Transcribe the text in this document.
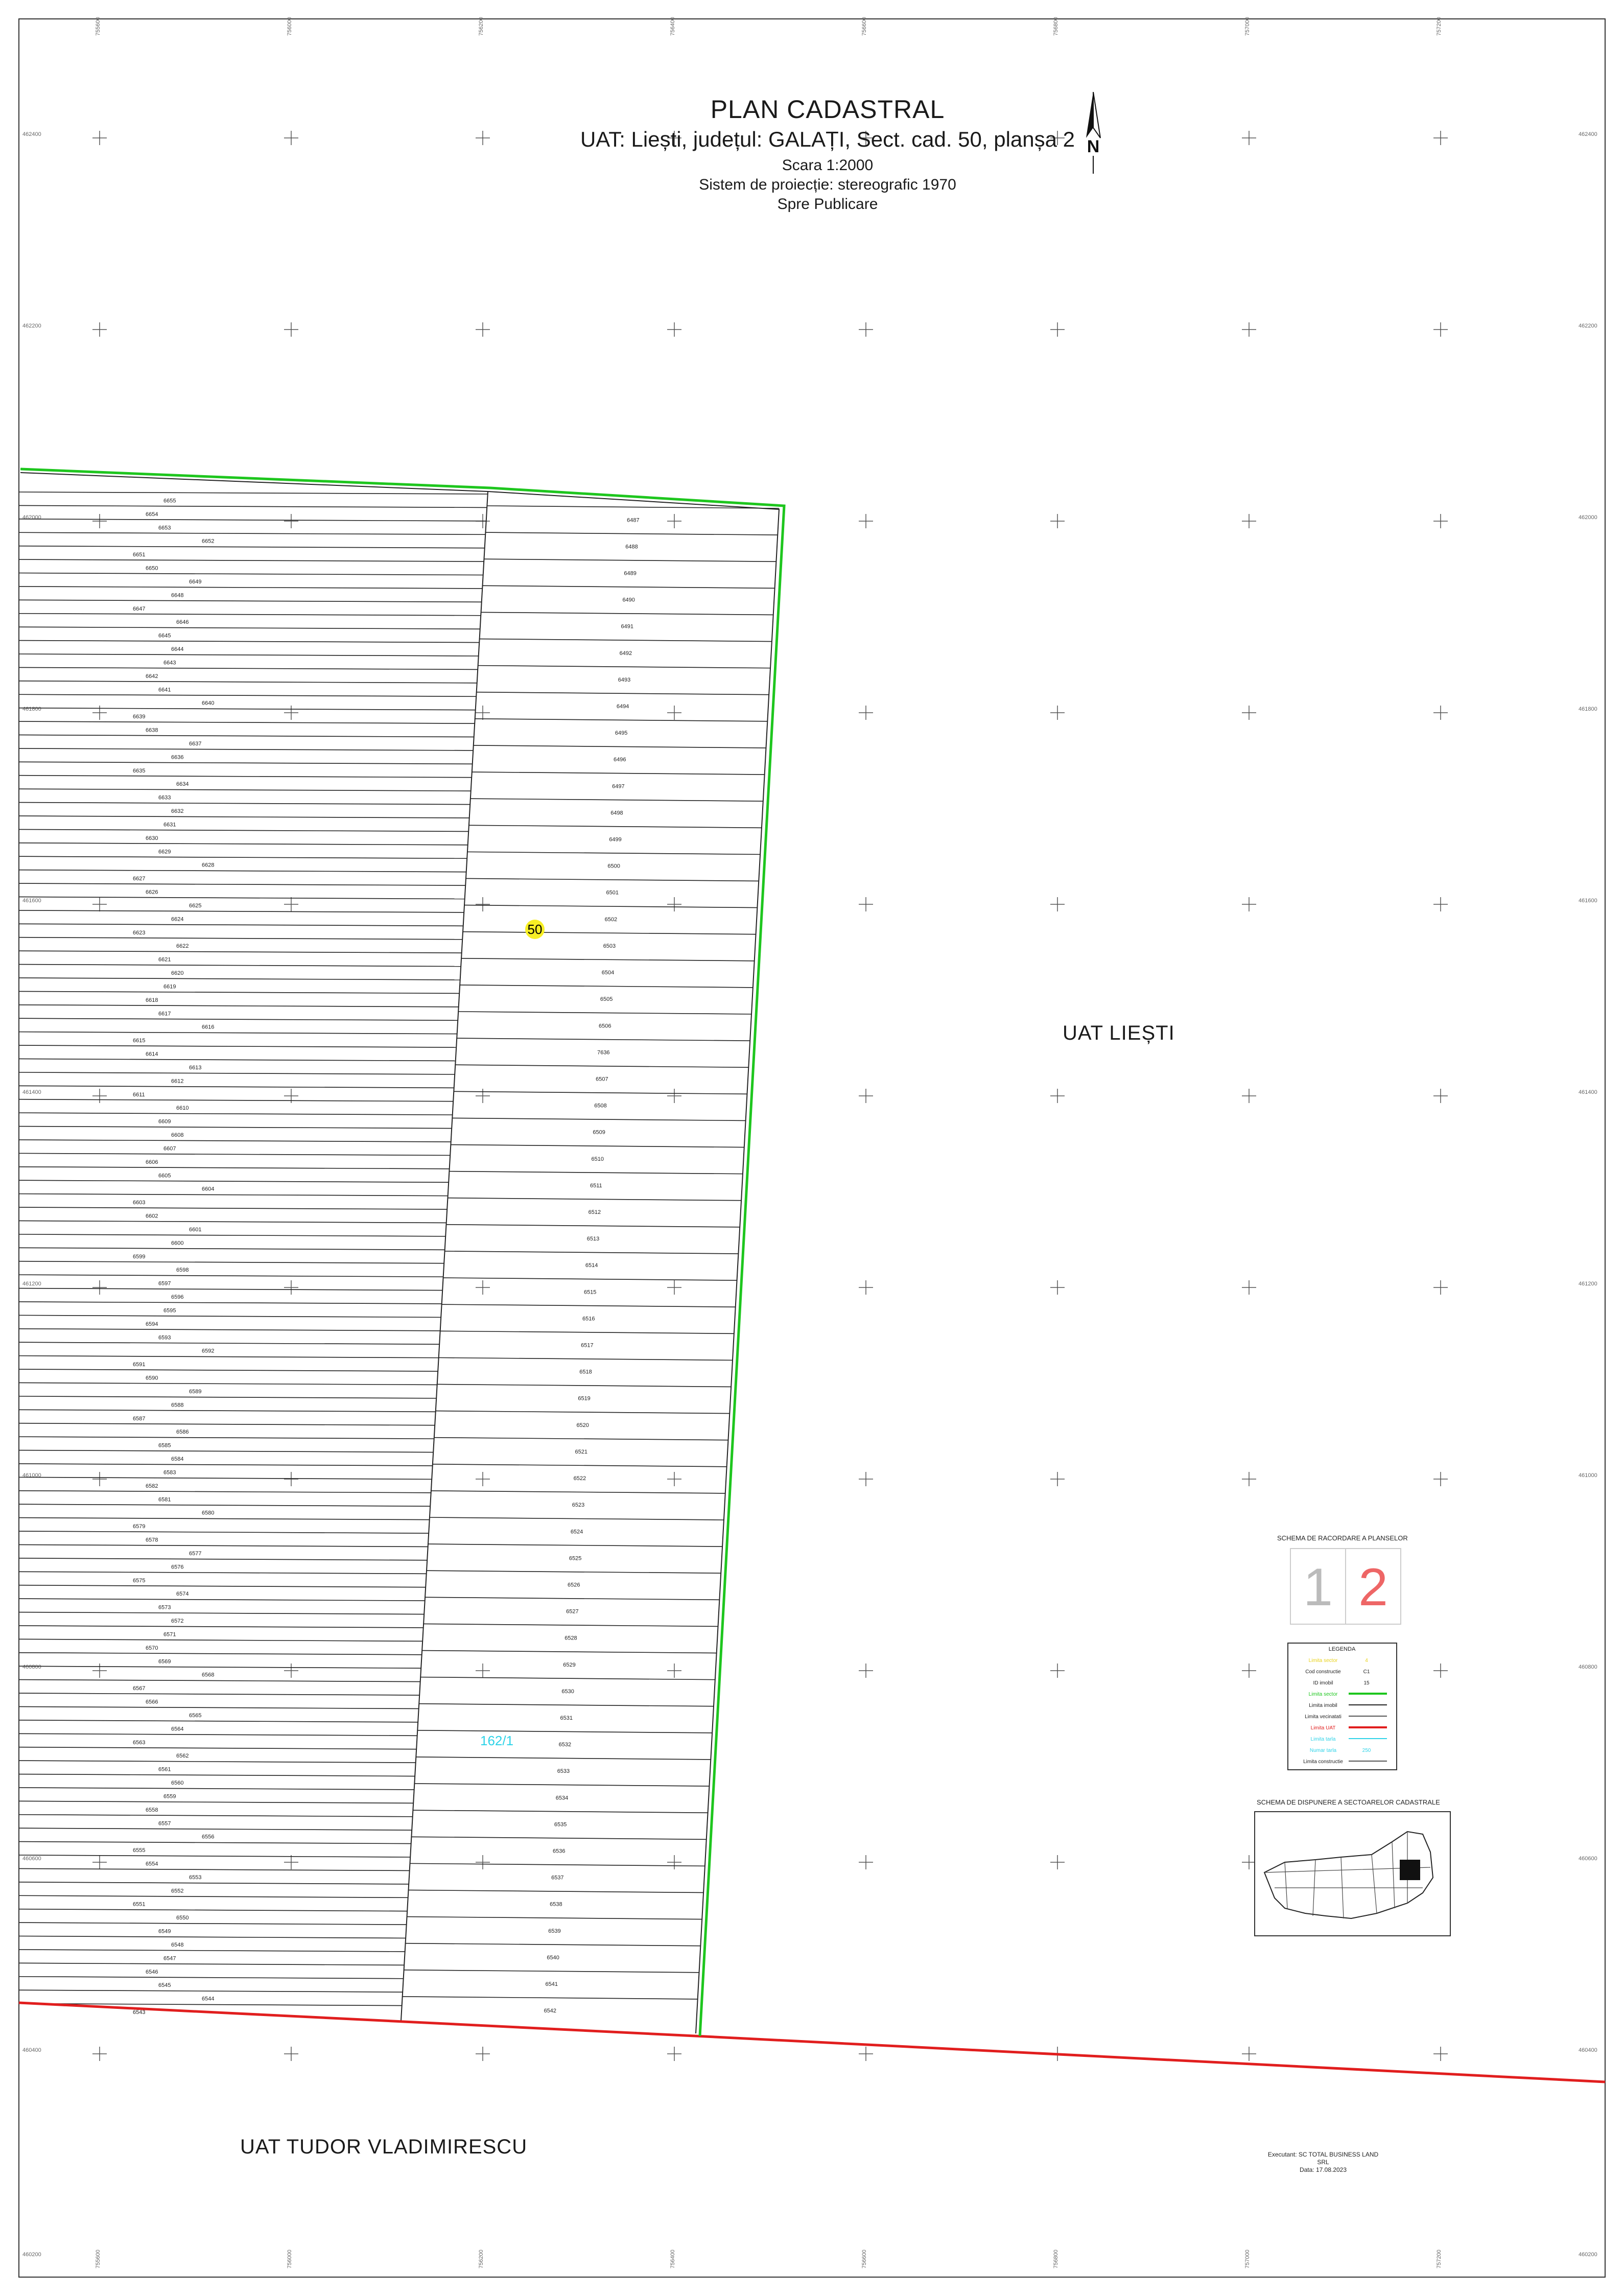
755600
755600
756000
756000
756200
756200
756400
756400
756600
756600
756800
756800
757000
757000
757200
757200
462400	462400
462200	462200
462000	462000
461800	461800
461600	461600
461400	461400
461200	461200
461000	461000
460800	460800
460600	460600
460400	460400
460200	460200
6655
6654
6653
6652
6651
6650
6649
6648
6647
6646
6645
6644
6643
6642
6641
6640
6639
6638
6637
6636
6635
6634
6633
6632
6631
6630
6629
6628
6627
6626
6625
6624
6623
6622
6621
6620
6619
6618
6617
6616
6615
6614
6613
6612
6611
6610
6609
6608
6607
6606
6605
6604
6603
6602
6601
6600
6599
6598
6597
6596
6595
6594
6593
6592
6591
6590
6589
6588
6587
6586
6585
6584
6583
6582
6581
6580
6579
6578
6577
6576
6575
6574
6573
6572
6571
6570
6569
6568
6567
6566
6565
6564
6563
6562
6561
6560
6559
6558
6557
6556
6555
6554
6553
6552
6551
6550
6549
6548
6547
6546
6545
6544
6543
6487
6488
6489
6490
6491
6492
6493
6494
6495
6496
6497
6498
6499
6500
6501
6502
6503
6504
6505
6506
7636
6507
6508
6509
6510
6511
6512
6513
6514
6515
6516
6517
6518
6519
6520
6521
6522
6523
6524
6525
6526
6527
6528
6529
6530
6531
6532
6533
6534
6535
6536
6537
6538
6539
6540
6541
6542
PLAN CADASTRAL
UAT: Liești, județul: GALAȚI, Sect. cad. 50, planșa 2
Scara 1:2000
Sistem de proiecție: stereografic 1970
Spre Publicare
N
UAT LIEȘTI
UAT TUDOR VLADIMIRESCU
50
162/1
SCHEMA DE RACORDARE A PLANSELOR
1 2
LEGENDA
Limita sector	4
Cod constructie	C1
ID imobil	15
Limita sector
Limita imobil
Limita vecinatati
Limita UAT
Limita tarla
Numar tarla	250
Limita constructie
SCHEMA DE DISPUNERE A SECTOARELOR CADASTRALE
Executant: SC TOTAL BUSINESS LAND SRL
Data: 17.08.2023
